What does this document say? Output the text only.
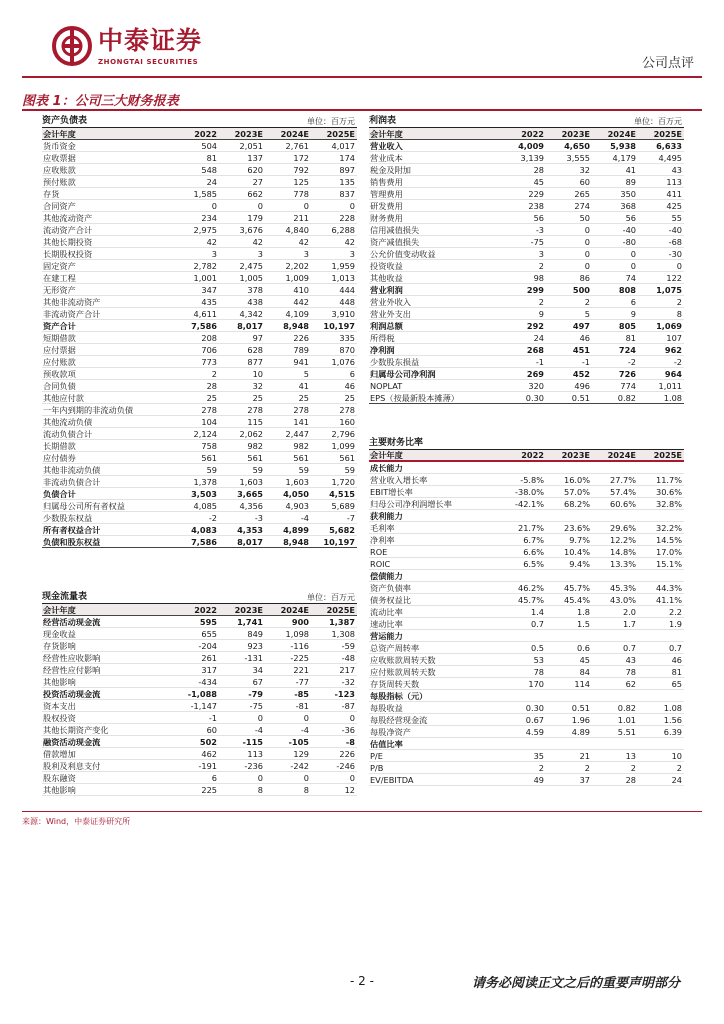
中泰证券
ZHONGTAI SECURITIES	公司点评
图表 1：公司三大财务报表
资产负债表	单位：百万元
会计年度	2022	2023E	2024E	2025E
货币资金	504	2,051	2,761	4,017
应收票据	81	137	172	174
应收账款	548	620	792	897
预付账款	24	27	125	135
存货	1,585	662	778	837
合同资产	0	0	0	0
其他流动资产	234	179	211	228
流动资产合计	2,975	3,676	4,840	6,288
其他长期投资	42	42	42	42
长期股权投资	3	3	3	3
固定资产	2,782	2,475	2,202	1,959
在建工程	1,001	1,005	1,009	1,013
无形资产	347	378	410	444
其他非流动资产	435	438	442	448
非流动资产合计	4,611	4,342	4,109	3,910
资产合计	7,586	8,017	8,948	10,197
短期借款	208	97	226	335
应付票据	706	628	789	870
应付账款	773	877	941	1,076
预收款项	2	10	5	6
合同负债	28	32	41	46
其他应付款	25	25	25	25
一年内到期的非流动负债	278	278	278	278
其他流动负债	104	115	141	160
流动负债合计	2,124	2,062	2,447	2,796
长期借款	758	982	982	1,099
应付债券	561	561	561	561
其他非流动负债	59	59	59	59
非流动负债合计	1,378	1,603	1,603	1,720
负债合计	3,503	3,665	4,050	4,515
归属母公司所有者权益	4,085	4,356	4,903	5,689
少数股东权益	-2	-3	-4	-7
所有者权益合计	4,083	4,353	4,899	5,682
负债和股东权益	7,586	8,017	8,948	10,197
利润表	单位：百万元
会计年度	2022	2023E	2024E	2025E
营业收入	4,009	4,650	5,938	6,633
营业成本	3,139	3,555	4,179	4,495
税金及附加	28	32	41	43
销售费用	45	60	89	113
管理费用	229	265	350	411
研发费用	238	274	368	425
财务费用	56	50	56	55
信用减值损失	-3	0	-40	-40
资产减值损失	-75	0	-80	-68
公允价值变动收益	3	0	0	-30
投资收益	2	0	0	0
其他收益	98	86	74	122
营业利润	299	500	808	1,075
营业外收入	2	2	6	2
营业外支出	9	5	9	8
利润总额	292	497	805	1,069
所得税	24	46	81	107
净利润	268	451	724	962
少数股东损益	-1	-1	-2	-2
归属母公司净利润	269	452	726	964
NOPLAT	320	496	774	1,011
EPS（按最新股本摊薄）	0.30	0.51	0.82	1.08
主要财务比率
会计年度	2022	2023E	2024E	2025E
成长能力
营业收入增长率	-5.8%	16.0%	27.7%	11.7%
EBIT增长率	-38.0%	57.0%	57.4%	30.6%
归母公司净利润增长率	-42.1%	68.2%	60.6%	32.8%
获利能力
毛利率	21.7%	23.6%	29.6%	32.2%
净利率	6.7%	9.7%	12.2%	14.5%
ROE	6.6%	10.4%	14.8%	17.0%
ROIC	6.5%	9.4%	13.3%	15.1%
偿债能力
资产负债率	46.2%	45.7%	45.3%	44.3%
债务权益比	45.7%	45.4%	43.0%	41.1%
流动比率	1.4	1.8	2.0	2.2
速动比率	0.7	1.5	1.7	1.9
营运能力
总资产周转率	0.5	0.6	0.7	0.7
应收账款周转天数	53	45	43	46
应付账款周转天数	78	84	78	81
存货周转天数	170	114	62	65
每股指标（元）
每股收益	0.30	0.51	0.82	1.08
每股经营现金流	0.67	1.96	1.01	1.56
每股净资产	4.59	4.89	5.51	6.39
估值比率
P/E	35	21	13	10
P/B	2	2	2	2
EV/EBITDA	49	37	28	24
现金流量表	单位：百万元
会计年度	2022	2023E	2024E	2025E
经营活动现金流	595	1,741	900	1,387
现金收益	655	849	1,098	1,308
存货影响	-204	923	-116	-59
经营性应收影响	261	-131	-225	-48
经营性应付影响	317	34	221	217
其他影响	-434	67	-77	-32
投资活动现金流	-1,088	-79	-85	-123
资本支出	-1,147	-75	-81	-87
股权投资	-1	0	0	0
其他长期资产变化	60	-4	-4	-36
融资活动现金流	502	-115	-105	-8
借款增加	462	113	129	226
股利及利息支付	-191	-236	-242	-246
股东融资	6	0	0	0
其他影响	225	8	8	12
来源：Wind，中泰证券研究所
- 2 -	请务必阅读正文之后的重要声明部分
